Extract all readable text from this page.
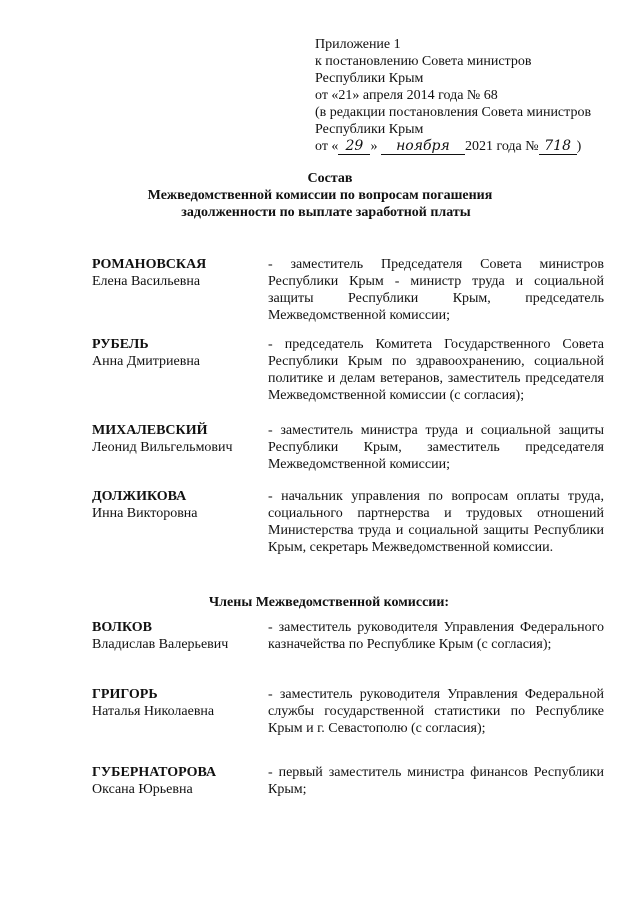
Приложение 1
к постановлению Совета министров
Республики Крым
от «21» апреля 2014 года № 68
(в редакции постановления Совета министров
Республики Крым
от « 29 » ноября 2021 года № 718 )
Состав
Межведомственной комиссии по вопросам погашения
задолженности по выплате заработной платы
РОМАНОВСКАЯ
Елена Васильевна
- заместитель Председателя Совета министров Республики Крым - министр труда и социальной защиты Республики Крым, председатель Межведомственной комиссии;
РУБЕЛЬ
Анна Дмитриевна
- председатель Комитета Государственного Совета Республики Крым по здравоохранению, социальной политике и делам ветеранов, заместитель председателя Межведомственной комиссии (с согласия);
МИХАЛЕВСКИЙ
Леонид Вильгельмович
- заместитель министра труда и социальной защиты Республики Крым, заместитель председателя Межведомственной комиссии;
ДОЛЖИКОВА
Инна Викторовна
- начальник управления по вопросам оплаты труда, социального партнерства и трудовых отношений Министерства труда и социальной защиты Республики Крым, секретарь Межведомственной комиссии.
Члены Межведомственной комиссии:
ВОЛКОВ
Владислав Валерьевич
- заместитель руководителя Управления Федерального казначейства по Республике Крым (с согласия);
ГРИГОРЬ
Наталья Николаевна
- заместитель руководителя Управления Федеральной службы государственной статистики по Республике Крым и г. Севастополю (с согласия);
ГУБЕРНАТОРОВА
Оксана Юрьевна
- первый заместитель министра финансов Республики Крым;
